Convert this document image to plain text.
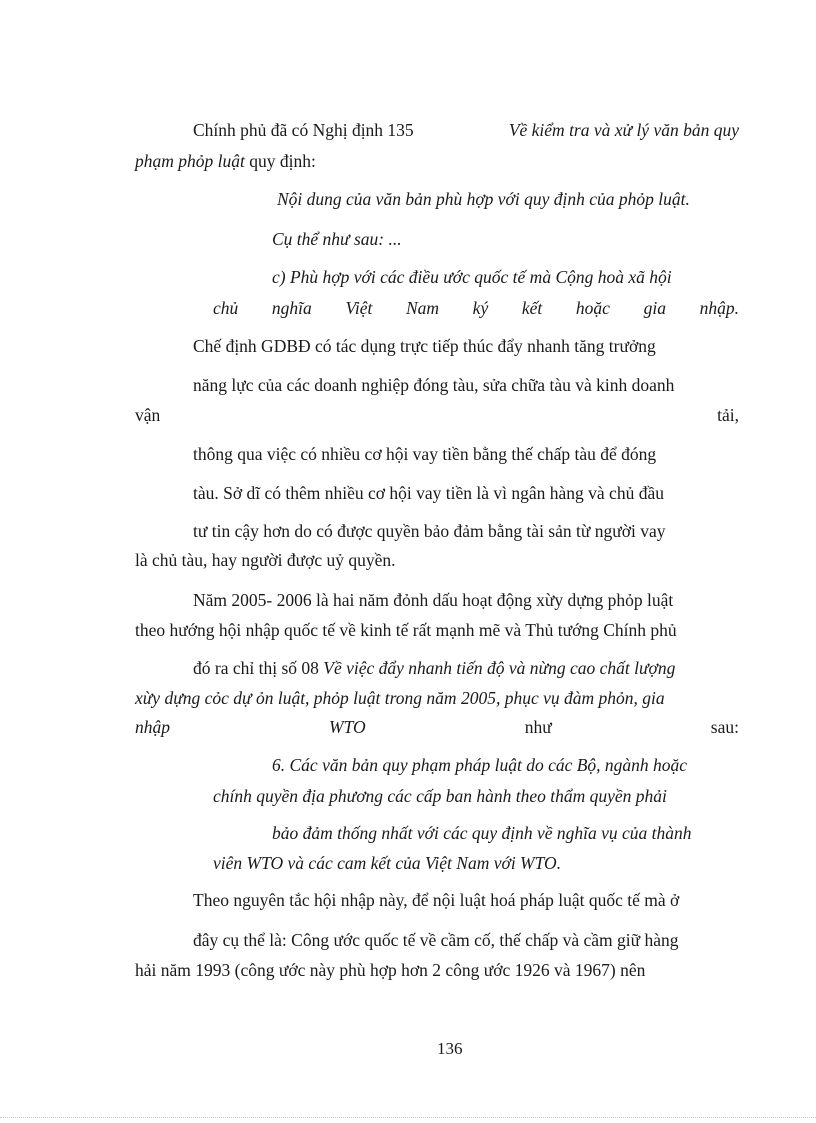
Chính phủ đã có Nghị định 135	Về kiểm tra và xử lý văn bản quy

phạm phỏp luật quy định:

Nội dung của văn bản phù hợp với quy định của phỏp luật.

Cụ thể như sau: ...

c) Phù hợp với các điều ước quốc tế mà Cộng hoà xã hội

chủ nghĩa Việt Nam ký kết hoặc gia nhập.

Chế định GDBĐ có tác dụng trực tiếp thúc đẩy nhanh tăng trưởng

năng lực của các doanh nghiệp đóng tàu, sửa chữa tàu và kinh doanh

vận	tải,

thông qua việc có nhiều cơ hội vay tiền bằng thế chấp tàu để đóng

tàu. Sở dĩ có thêm nhiều cơ hội vay tiền là vì ngân hàng và chủ đầu

tư tin cậy hơn do có được quyền bảo đảm bằng tài sản từ người vay

là chủ tàu, hay người được uỷ quyền.

Năm 2005- 2006 là hai năm đỏnh dấu hoạt động xừy dựng phỏp luật

theo hướng hội nhập quốc tế về kinh tế rất mạnh mẽ và Thủ tướng Chính phủ

đó ra chỉ thị số 08 Về việc đẩy nhanh tiến độ và nừng cao chất lượng

xừy dựng cỏc dự ỏn luật, phỏp luật trong năm 2005, phục vụ đàm phỏn, gia

nhập	WTO	như	sau:

6. Các văn bản quy phạm pháp luật do các Bộ, ngành hoặc

chính quyền địa phương các cấp ban hành theo thẩm quyền phải

bảo đảm thống nhất với các quy định về nghĩa vụ của thành

viên WTO và các cam kết của Việt Nam với WTO.

Theo nguyên tắc hội nhập này, để nội luật hoá pháp luật quốc tế mà ở

đây cụ thể là: Công ước quốc tế về cầm cố, thế chấp và cầm giữ hàng

hải năm 1993 (công ước này phù hợp hơn 2 công ước 1926 và 1967) nên

136
